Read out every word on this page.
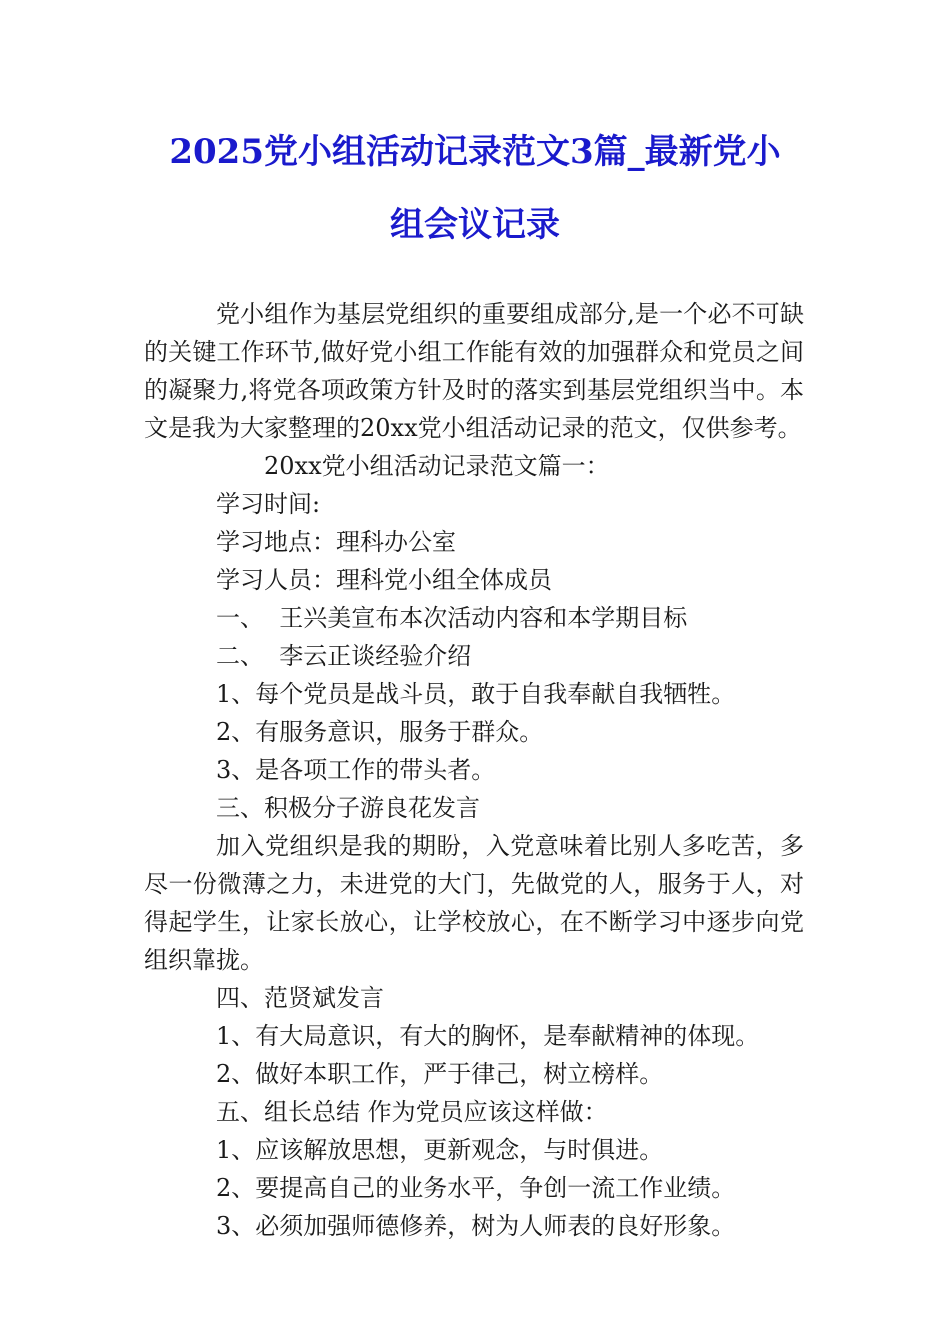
2025党小组活动记录范文3篇_最新党小
组会议记录

党小组作为基层党组织的重要组成部分,是一个必不可缺的关键工作环节,做好党小组工作能有效的加强群众和党员之间的凝聚力,将党各项政策方针及时的落实到基层党组织当中。本文是我为大家整理的20xx党小组活动记录的范文，仅供参考。

20xx党小组活动记录范文篇一：

学习时间:

学习地点：理科办公室

学习人员：理科党小组全体成员

一、  王兴美宣布本次活动内容和本学期目标

二、  李云正谈经验介绍

1、每个党员是战斗员，敢于自我奉献自我牺牲。

2、有服务意识，服务于群众。

3、是各项工作的带头者。

三、积极分子游良花发言

加入党组织是我的期盼，入党意味着比别人多吃苦，多尽一份微薄之力，未进党的大门，先做党的人，服务于人，对得起学生，让家长放心，让学校放心，在不断学习中逐步向党组织靠拢。

四、范贤斌发言

1、有大局意识，有大的胸怀，是奉献精神的体现。

2、做好本职工作，严于律己，树立榜样。

五、组长总结 作为党员应该这样做：

1、应该解放思想，更新观念，与时俱进。

2、要提高自己的业务水平，争创一流工作业绩。

3、必须加强师德修养，树为人师表的良好形象。
